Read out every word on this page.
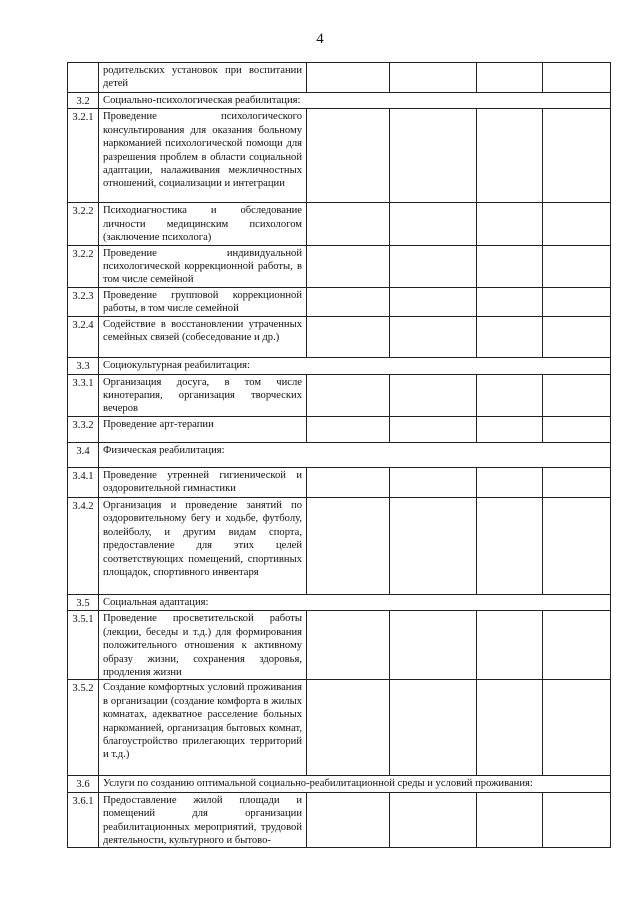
4
	родительских установок при воспитании детей				
3.2	Социально-психологическая реабилитация:				
3.2.1	Проведение психологического консультирования для оказания больному наркоманией психологической помощи для разрешения проблем в области социальной адаптации, налаживания межличностных отношений, социализации и интеграции				
3.2.2	Психодиагностика и обследование личности медицинским психологом (заключение психолога)				
3.2.2	Проведение индивидуальной психологической коррекционной работы, в том числе семейной				
3.2.3	Проведение групповой коррекционной работы, в том числе семейной				
3.2.4	Содействие в восстановлении утраченных семейных связей (собеседование и др.)				
3.3	Социокультурная реабилитация:				
3.3.1	Организация досуга, в том числе кинотерапия, организация творческих вечеров				
3.3.2	Проведение арт-терапии				
3.4	Физическая реабилитация:				
3.4.1	Проведение утренней гигиенической и оздоровительной гимнастики				
3.4.2	Организация и проведение занятий по оздоровительному бегу и ходьбе, футболу, волейболу, и другим видам спорта, предоставление для этих целей соответствующих помещений, спортивных площадок, спортивного инвентаря				
3.5	Социальная адаптация:				
3.5.1	Проведение просветительской работы (лекции, беседы и т.д.) для формирования положительного отношения к активному образу жизни, сохранения здоровья, продления жизни				
3.5.2	Создание комфортных условий проживания в организации (создание комфорта в жилых комнатах, адекватное расселение больных наркоманией, организация бытовых комнат, благоустройство прилегающих территорий и т.д.)				
3.6	Услуги по созданию оптимальной социально-реабилитационной среды и условий проживания:				
3.6.1	Предоставление жилой площади и помещений для организации реабилитационных мероприятий, трудовой деятельности, культурного и бытово-				
